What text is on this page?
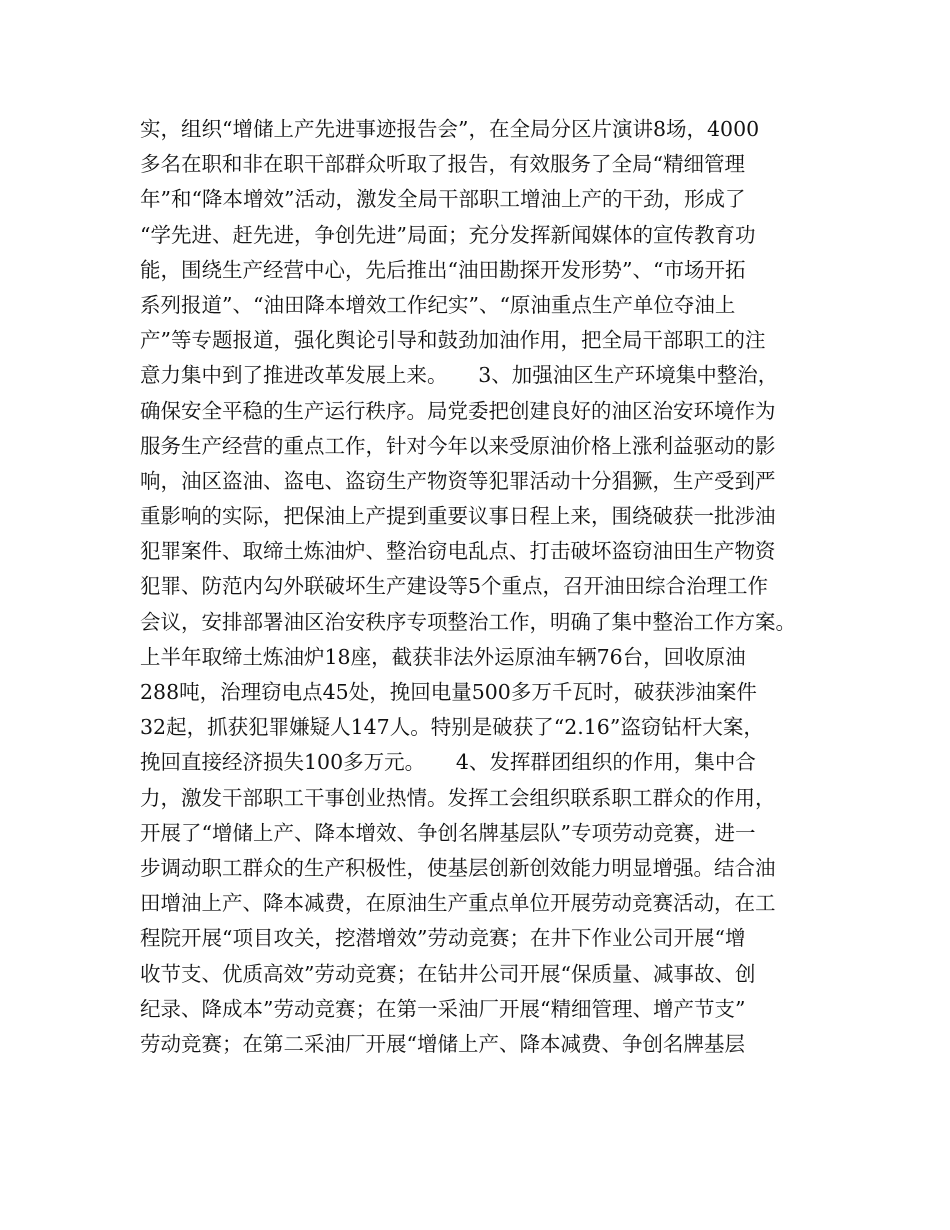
实，组织“增储上产先进事迹报告会”，在全局分区片演讲8场，4000
多名在职和非在职干部群众听取了报告，有效服务了全局“精细管理
年”和“降本增效”活动，激发全局干部职工增油上产的干劲，形成了
“学先进、赶先进，争创先进”局面；充分发挥新闻媒体的宣传教育功
能，围绕生产经营中心，先后推出“油田勘探开发形势”、“市场开拓
系列报道”、“油田降本增效工作纪实”、“原油重点生产单位夺油上
产”等专题报道，强化舆论引导和鼓劲加油作用，把全局干部职工的注
意力集中到了推进改革发展上来。　　3、加强油区生产环境集中整治，
确保安全平稳的生产运行秩序。局党委把创建良好的油区治安环境作为
服务生产经营的重点工作，针对今年以来受原油价格上涨利益驱动的影
响，油区盗油、盗电、盗窃生产物资等犯罪活动十分猖獗，生产受到严
重影响的实际，把保油上产提到重要议事日程上来，围绕破获一批涉油
犯罪案件、取缔土炼油炉、整治窃电乱点、打击破坏盗窃油田生产物资
犯罪、防范内勾外联破坏生产建设等5个重点，召开油田综合治理工作
会议，安排部署油区治安秩序专项整治工作，明确了集中整治工作方案。
上半年取缔土炼油炉18座，截获非法外运原油车辆76台，回收原油
288吨，治理窃电点45处，挽回电量500多万千瓦时，破获涉油案件
32起，抓获犯罪嫌疑人147人。特别是破获了“2.16”盗窃钻杆大案，
挽回直接经济损失100多万元。　　4、发挥群团组织的作用，集中合
力，激发干部职工干事创业热情。发挥工会组织联系职工群众的作用，
开展了“增储上产、降本增效、争创名牌基层队”专项劳动竞赛，进一
步调动职工群众的生产积极性，使基层创新创效能力明显增强。结合油
田增油上产、降本减费，在原油生产重点单位开展劳动竞赛活动，在工
程院开展“项目攻关，挖潜增效”劳动竞赛；在井下作业公司开展“增
收节支、优质高效”劳动竞赛；在钻井公司开展“保质量、减事故、创
纪录、降成本”劳动竞赛；在第一采油厂开展“精细管理、增产节支”
劳动竞赛；在第二采油厂开展“增储上产、降本减费、争创名牌基层
